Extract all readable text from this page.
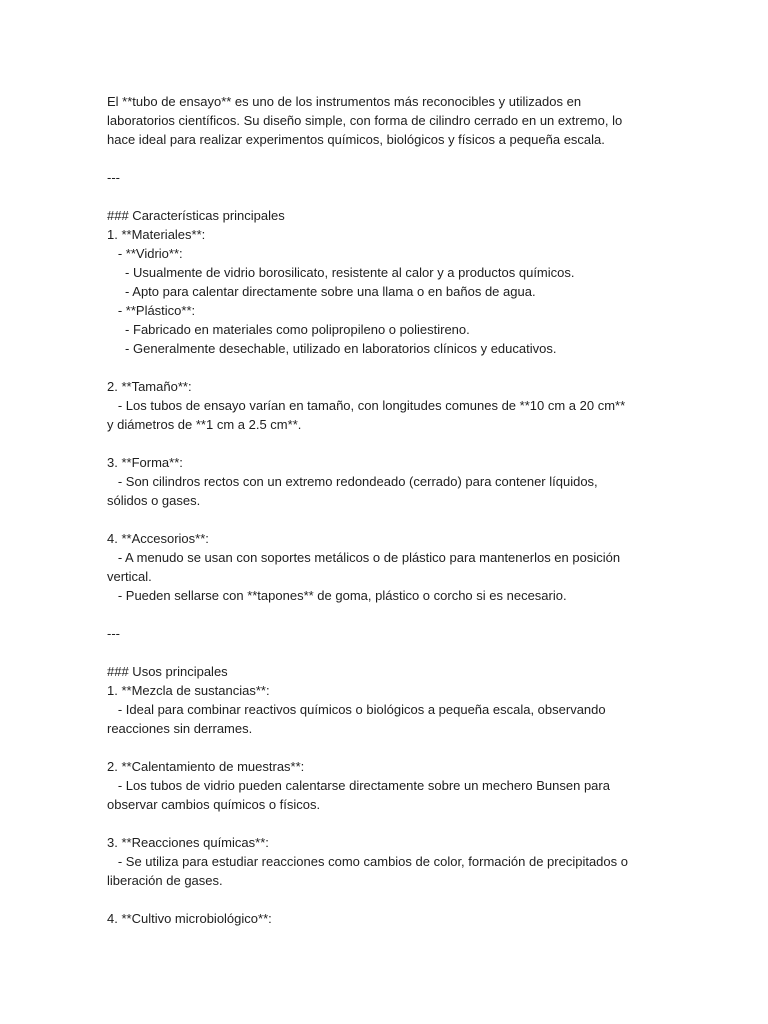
El **tubo de ensayo** es uno de los instrumentos más reconocibles y utilizados en
laboratorios científicos. Su diseño simple, con forma de cilindro cerrado en un extremo, lo
hace ideal para realizar experimentos químicos, biológicos y físicos a pequeña escala.
---
### Características principales
1. **Materiales**:
- **Vidrio**:
- Usualmente de vidrio borosilicato, resistente al calor y a productos químicos.
- Apto para calentar directamente sobre una llama o en baños de agua.
- **Plástico**:
- Fabricado en materiales como polipropileno o poliestireno.
- Generalmente desechable, utilizado en laboratorios clínicos y educativos.
2. **Tamaño**:
- Los tubos de ensayo varían en tamaño, con longitudes comunes de **10 cm a 20 cm**
y diámetros de **1 cm a 2.5 cm**.
3. **Forma**:
- Son cilindros rectos con un extremo redondeado (cerrado) para contener líquidos,
sólidos o gases.
4. **Accesorios**:
- A menudo se usan con soportes metálicos o de plástico para mantenerlos en posición
vertical.
- Pueden sellarse con **tapones** de goma, plástico o corcho si es necesario.
---
### Usos principales
1. **Mezcla de sustancias**:
- Ideal para combinar reactivos químicos o biológicos a pequeña escala, observando
reacciones sin derrames.
2. **Calentamiento de muestras**:
- Los tubos de vidrio pueden calentarse directamente sobre un mechero Bunsen para
observar cambios químicos o físicos.
3. **Reacciones químicas**:
- Se utiliza para estudiar reacciones como cambios de color, formación de precipitados o
liberación de gases.
4. **Cultivo microbiológico**:
